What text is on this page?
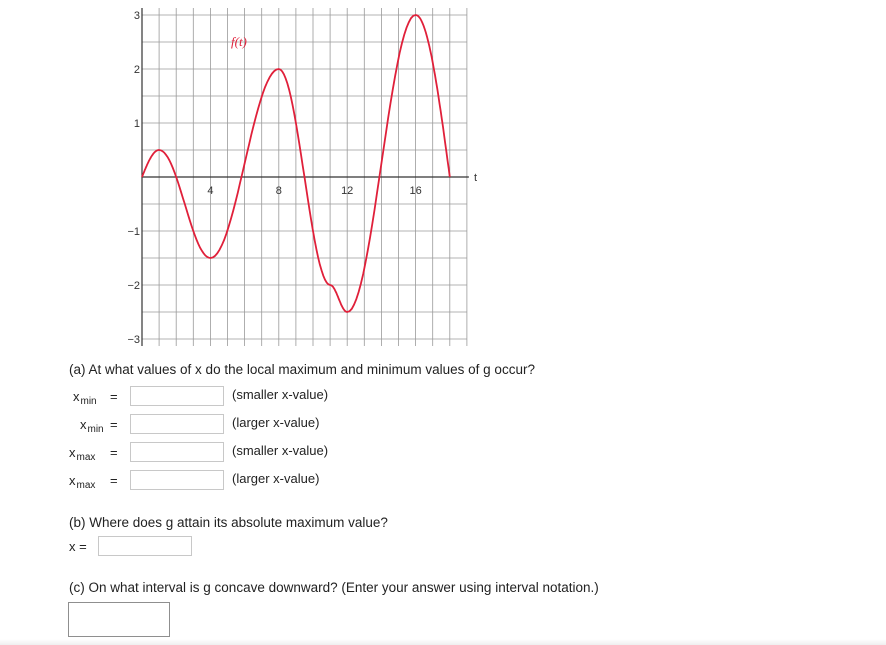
f(t)
t
4	8	12	16
3
2
1
−1
−2
−3
(a) At what values of x do the local maximum and minimum values of g occur?
$x_{min}$ =	(smaller x-value)
$x_{min}$ =	(larger x-value)
$x_{max}$ =	(smaller x-value)
$x_{max}$ =	(larger x-value)
(b) Where does g attain its absolute maximum value?
x =
(c) On what interval is g concave downward? (Enter your answer using interval notation.)
